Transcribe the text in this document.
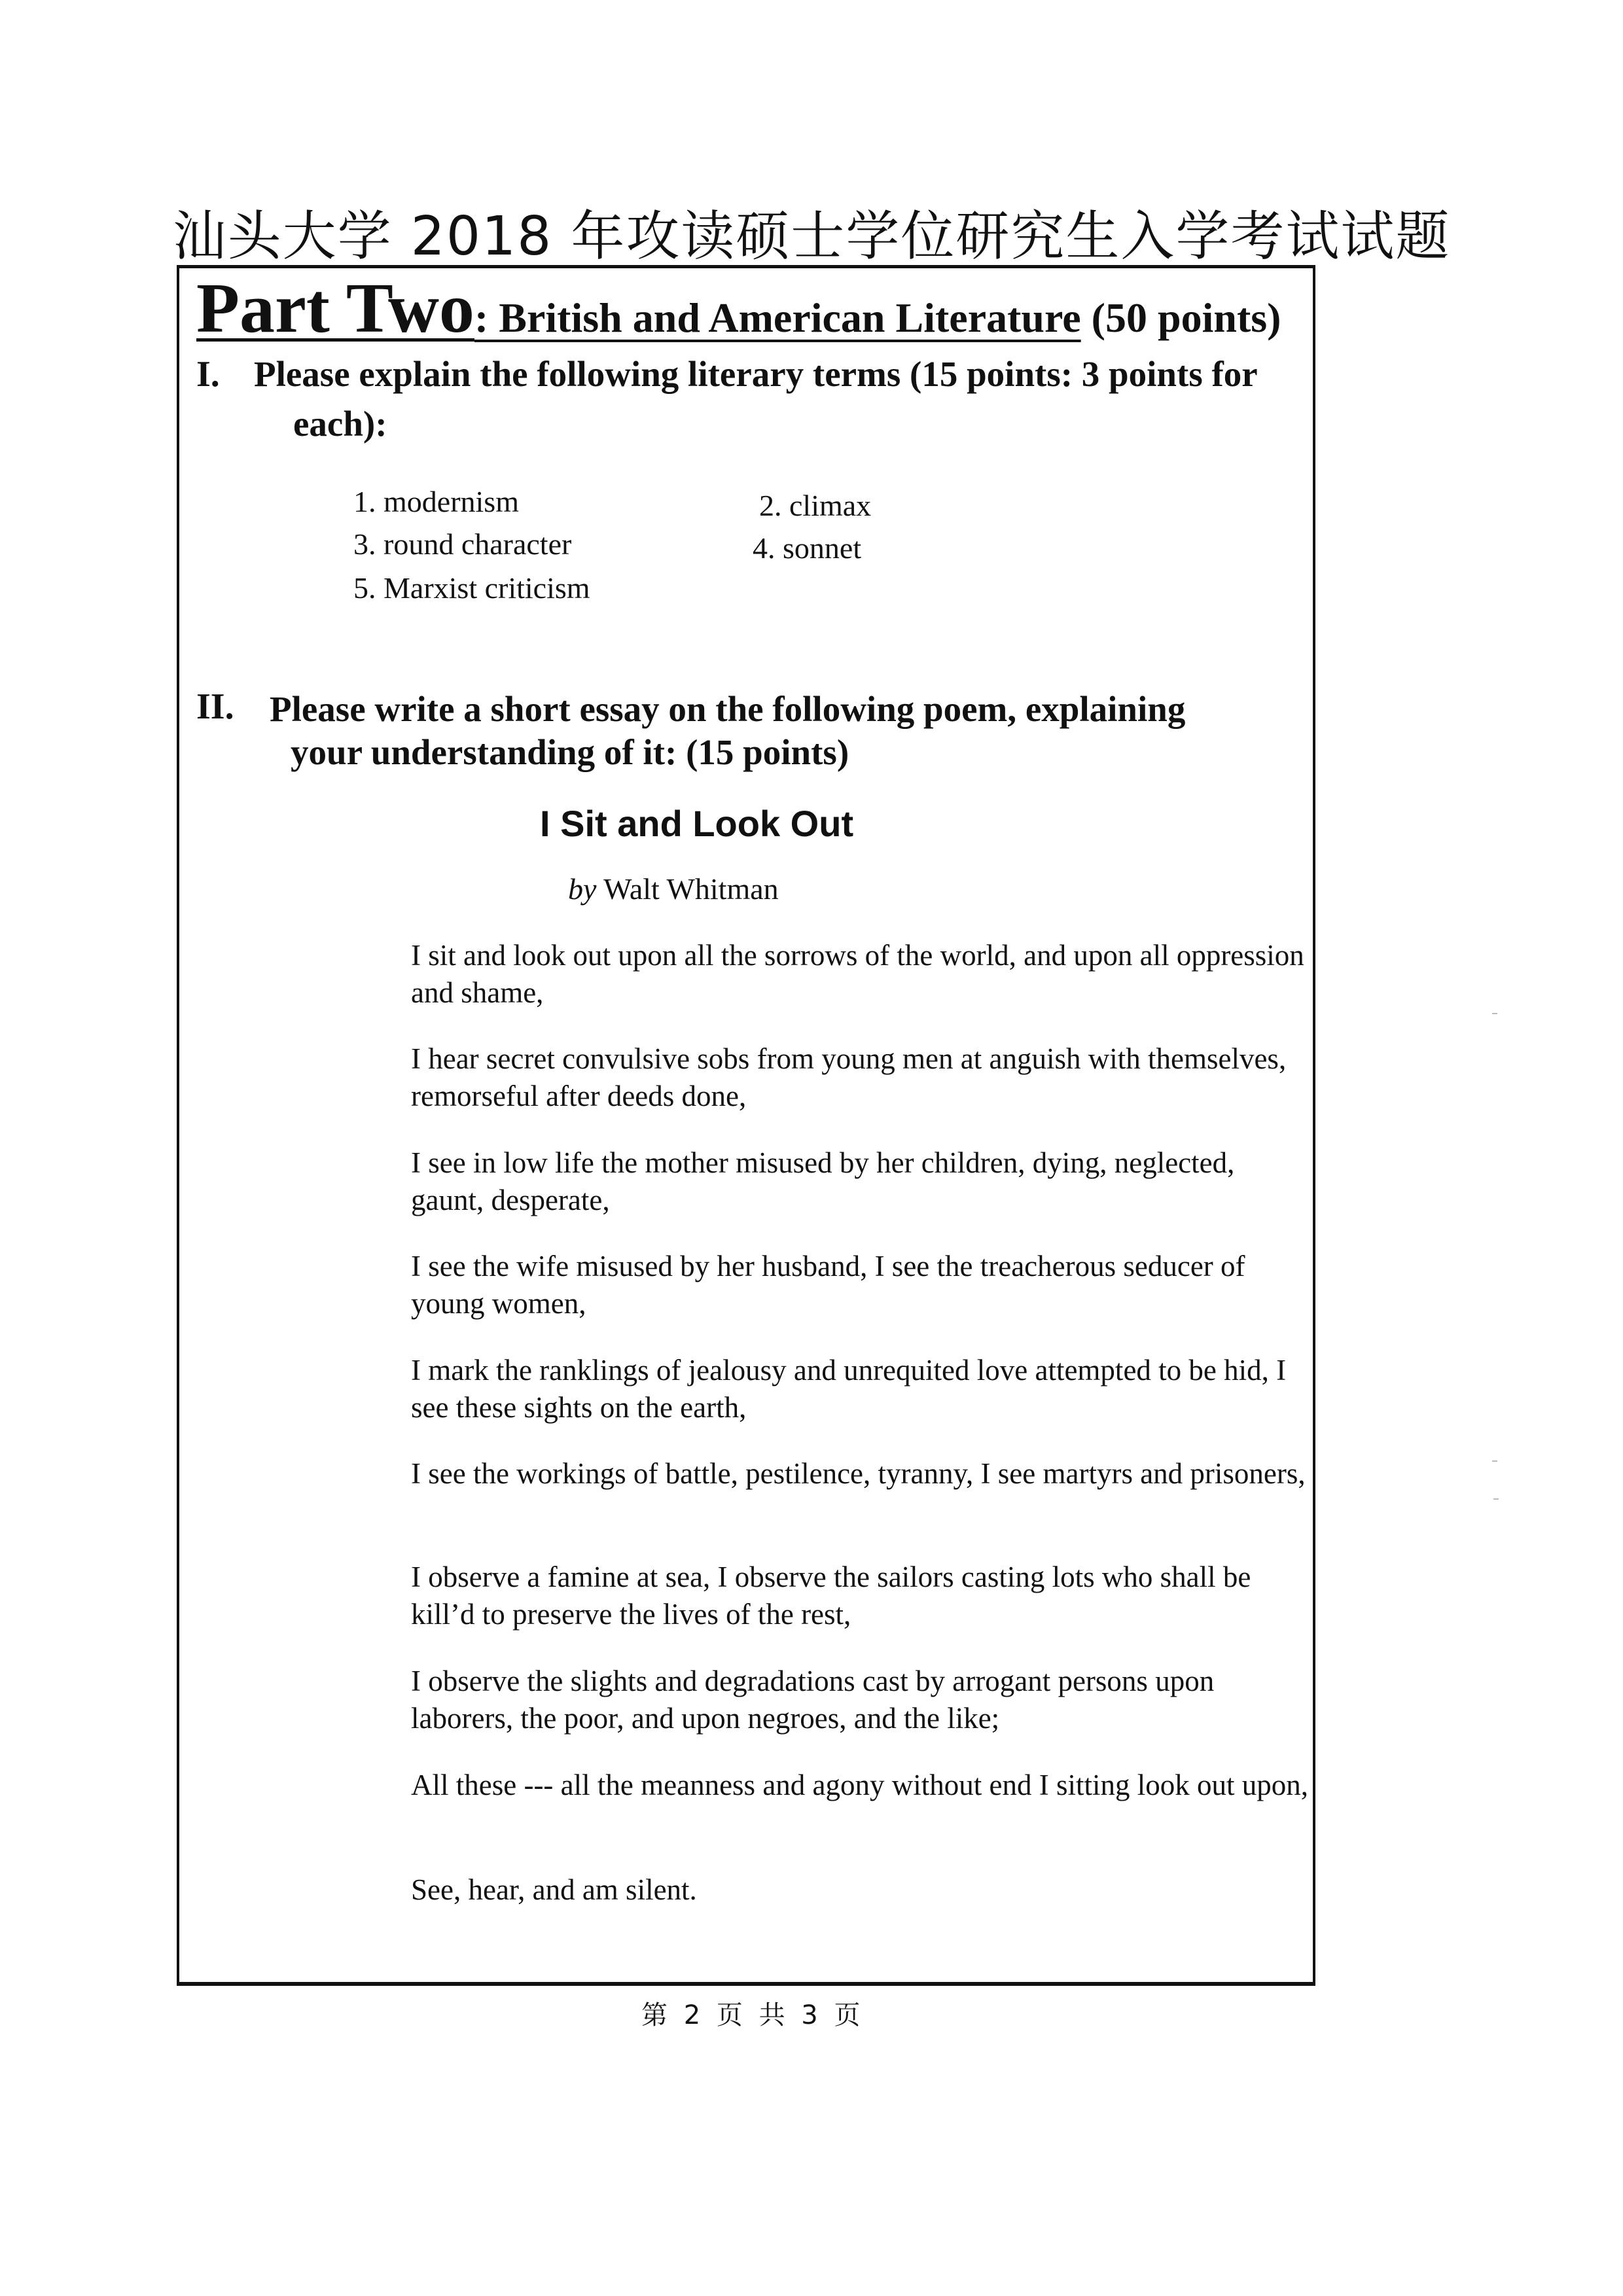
汕头大学 2018 年攻读硕士学位研究生入学考试试题
Part Two: British and American Literature (50 points)
I. Please explain the following literary terms (15 points: 3 points for
each):
1. modernism	2. climax
3. round character	4. sonnet
5. Marxist criticism
II. Please write a short essay on the following poem, explaining
your understanding of it: (15 points)
I Sit and Look Out
by Walt Whitman
I sit and look out upon all the sorrows of the world, and upon all oppression and shame,
I hear secret convulsive sobs from young men at anguish with themselves, remorseful after deeds done,
I see in low life the mother misused by her children, dying, neglected, gaunt, desperate,
I see the wife misused by her husband, I see the treacherous seducer of young women,
I mark the ranklings of jealousy and unrequited love attempted to be hid, I see these sights on the earth,
I see the workings of battle, pestilence, tyranny, I see martyrs and prisoners,
I observe a famine at sea, I observe the sailors casting lots who shall be kill’d to preserve the lives of the rest,
I observe the slights and degradations cast by arrogant persons upon laborers, the poor, and upon negroes, and the like;
All these --- all the meanness and agony without end I sitting look out upon,
See, hear, and am silent.
第 2 页 共 3 页
